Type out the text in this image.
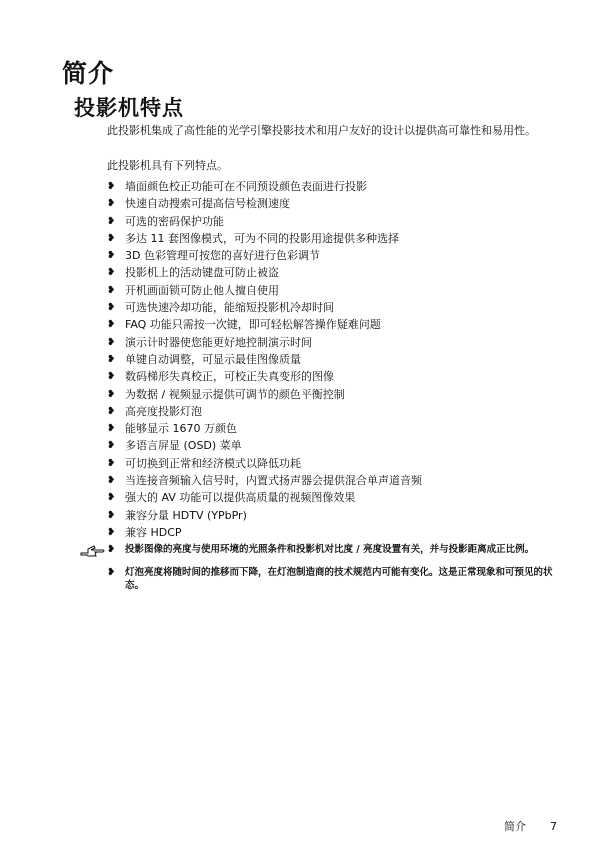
简介
投影机特点
此投影机集成了高性能的光学引擎投影技术和用户友好的设计以提供高可靠性和易用性。
此投影机具有下列特点。
❥ 墙面颜色校正功能可在不同预设颜色表面进行投影
❥ 快速自动搜索可提高信号检测速度
❥ 可选的密码保护功能
❥ 多达 11 套图像模式，可为不同的投影用途提供多种选择
❥ 3D 色彩管理可按您的喜好进行色彩调节
❥ 投影机上的活动键盘可防止被盗
❥ 开机画面锁可防止他人擅自使用
❥ 可选快速冷却功能，能缩短投影机冷却时间
❥ FAQ 功能只需按一次键，即可轻松解答操作疑难问题
❥ 演示计时器使您能更好地控制演示时间
❥ 单键自动调整，可显示最佳图像质量
❥ 数码梯形失真校正，可校正失真变形的图像
❥ 为数据 / 视频显示提供可调节的颜色平衡控制
❥ 高亮度投影灯泡
❥ 能够显示 1670 万颜色
❥ 多语言屏显 (OSD) 菜单
❥ 可切换到正常和经济模式以降低功耗
❥ 当连接音频输入信号时，内置式扬声器会提供混合单声道音频
❥ 强大的 AV 功能可以提供高质量的视频图像效果
❥ 兼容分量 HDTV (YPbPr)
❥ 兼容 HDCP
❥ 投影图像的亮度与使用环境的光照条件和投影机对比度 / 亮度设置有关，并与投影距离成正比例。
❥ 灯泡亮度将随时间的推移而下降，在灯泡制造商的技术规范内可能有变化。这是正常现象和可预见的状态。
简介 7
